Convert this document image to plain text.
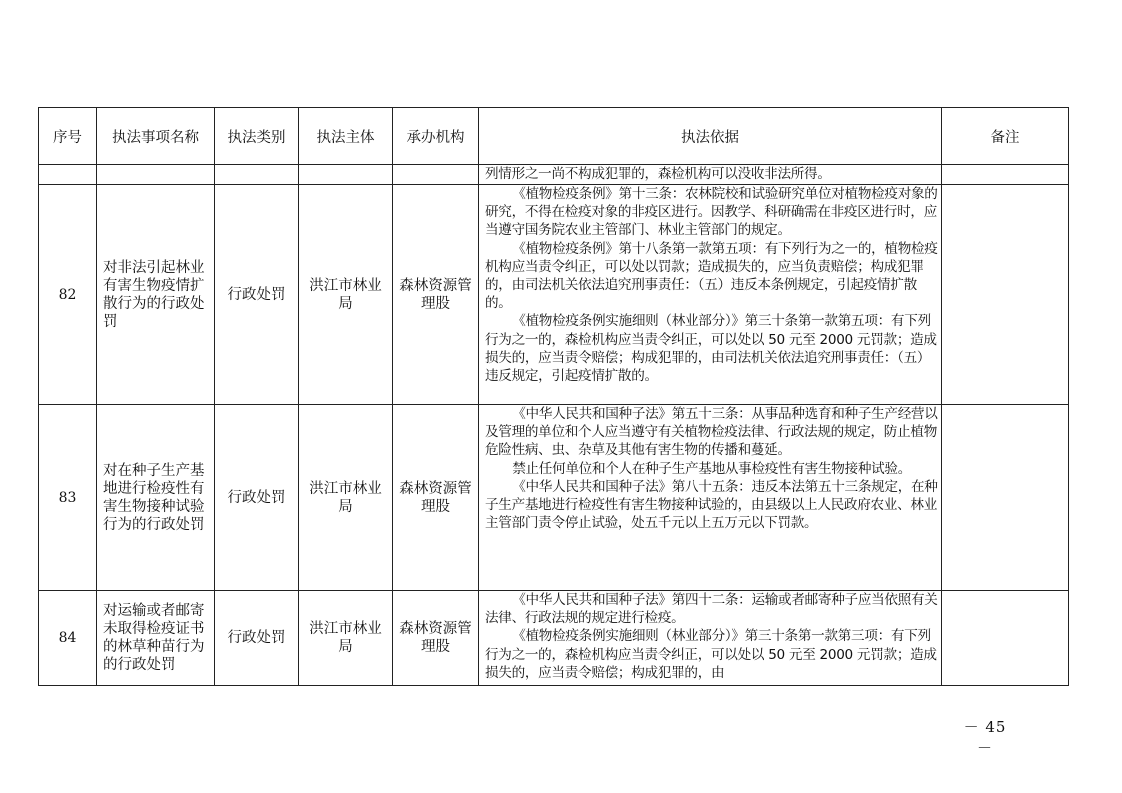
序号	执法事项名称	执法类别	执法主体	承办机构	执法依据	备注

					列情形之一尚不构成犯罪的，森检机构可以没收非法所得。	

82	对非法引起林业有害生物疫情扩散行为的行政处罚	行政处罚	洪江市林业局	森林资源管理股	《植物检疫条例》第十三条：农林院校和试验研究单位对植物检疫对象的研究，不得在检疫对象的非疫区进行。因教学、科研确需在非疫区进行时，应当遵守国务院农业主管部门、林业主管部门的规定。

《植物检疫条例》第十八条第一款第五项：有下列行为之一的，植物检疫机构应当责令纠正，可以处以罚款；造成损失的，应当负责赔偿；构成犯罪的，由司法机关依法追究刑事责任：（五）违反本条例规定，引起疫情扩散的。

《植物检疫条例实施细则（林业部分）》第三十条第一款第五项：有下列行为之一的，森检机构应当责令纠正，可以处以 50 元至 2000 元罚款；造成损失的，应当责令赔偿；构成犯罪的，由司法机关依法追究刑事责任：（五）违反规定，引起疫情扩散的。	

83	对在种子生产基地进行检疫性有害生物接种试验行为的行政处罚	行政处罚	洪江市林业局	森林资源管理股	《中华人民共和国种子法》第五十三条：从事品种选育和种子生产经营以及管理的单位和个人应当遵守有关植物检疫法律、行政法规的规定，防止植物危险性病、虫、杂草及其他有害生物的传播和蔓延。

禁止任何单位和个人在种子生产基地从事检疫性有害生物接种试验。

《中华人民共和国种子法》第八十五条：违反本法第五十三条规定，在种子生产基地进行检疫性有害生物接种试验的，由县级以上人民政府农业、林业主管部门责令停止试验，处五千元以上五万元以下罚款。	

84	对运输或者邮寄未取得检疫证书的林草种苗行为的行政处罚	行政处罚	洪江市林业局	森林资源管理股	《中华人民共和国种子法》第四十二条：运输或者邮寄种子应当依照有关法律、行政法规的规定进行检疫。

《植物检疫条例实施细则（林业部分）》第三十条第一款第三项：有下列行为之一的，森检机构应当责令纠正，可以处以 50 元至 2000 元罚款；造成损失的，应当责令赔偿；构成犯罪的，由	

－ 45 －
